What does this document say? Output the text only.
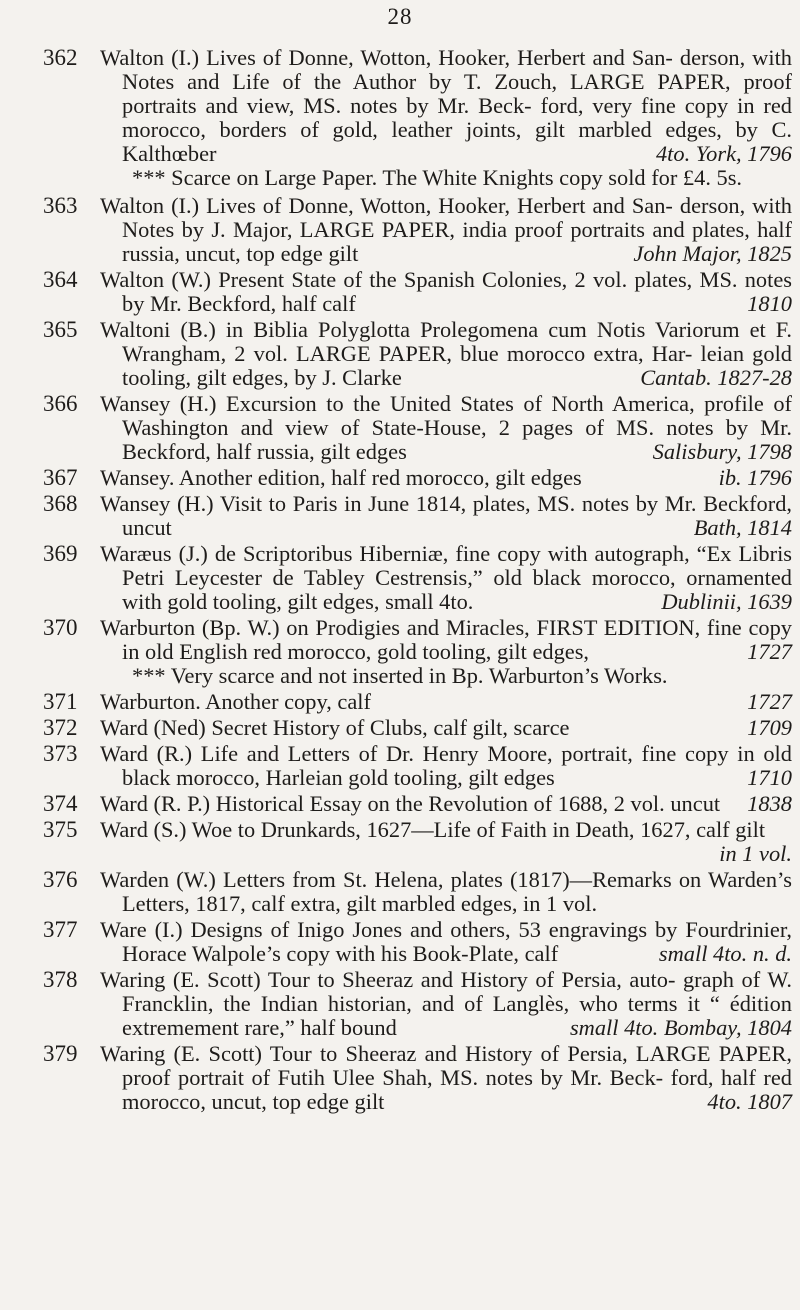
28
362 Walton (I.) Lives of Donne, Wotton, Hooker, Herbert and San- derson, with Notes and Life of the Author by T. Zouch, LARGE PAPER, proof portraits and view, MS. notes by Mr. Beck- ford, very fine copy in red morocco, borders of gold, leather joints, gilt marbled edges, by C. Kalthœber	4to. York, 1796
*** Scarce on Large Paper. The White Knights copy sold for £4. 5s.
363 Walton (I.) Lives of Donne, Wotton, Hooker, Herbert and San- derson, with Notes by J. Major, LARGE PAPER, india proof portraits and plates, half russia, uncut, top edge gilt	John Major, 1825
364 Walton (W.) Present State of the Spanish Colonies, 2 vol. plates, MS. notes by Mr. Beckford, half calf	1810
365 Waltoni (B.) in Biblia Polyglotta Prolegomena cum Notis Variorum et F. Wrangham, 2 vol. LARGE PAPER, blue morocco extra, Har- leian gold tooling, gilt edges, by J. Clarke	Cantab. 1827-28
366 Wansey (H.) Excursion to the United States of North America, profile of Washington and view of State-House, 2 pages of MS. notes by Mr. Beckford, half russia, gilt edges	Salisbury, 1798
367 Wansey. Another edition, half red morocco, gilt edges	ib. 1796
368 Wansey (H.) Visit to Paris in June 1814, plates, MS. notes by Mr. Beckford, uncut	Bath, 1814
369 Waræus (J.) de Scriptoribus Hiberniæ, fine copy with autograph, “Ex Libris Petri Leycester de Tabley Cestrensis,” old black morocco, ornamented with gold tooling, gilt edges, small 4to.	Dublinii, 1639
370 Warburton (Bp. W.) on Prodigies and Miracles, FIRST EDITION, fine copy in old English red morocco, gold tooling, gilt edges,	1727
*** Very scarce and not inserted in Bp. Warburton’s Works.
371 Warburton. Another copy, calf	1727
372 Ward (Ned) Secret History of Clubs, calf gilt, scarce	1709
373 Ward (R.) Life and Letters of Dr. Henry Moore, portrait, fine copy in old black morocco, Harleian gold tooling, gilt edges	1710
374 Ward (R. P.) Historical Essay on the Revolution of 1688, 2 vol. uncut 1838
375 Ward (S.) Woe to Drunkards, 1627—Life of Faith in Death, 1627, calf gilt
in 1 vol.
376 Warden (W.) Letters from St. Helena, plates (1817)—Remarks on Warden’s Letters, 1817, calf extra, gilt marbled edges, in 1 vol.
377 Ware (I.) Designs of Inigo Jones and others, 53 engravings by Fourdrinier, Horace Walpole’s copy with his Book-Plate, calf	small 4to. n. d.
378 Waring (E. Scott) Tour to Sheeraz and History of Persia, auto- graph of W. Francklin, the Indian historian, and of Langlès, who terms it “ édition extremement rare,” half bound	small 4to. Bombay, 1804
379 Waring (E. Scott) Tour to Sheeraz and History of Persia, LARGE PAPER, proof portrait of Futih Ulee Shah, MS. notes by Mr. Beck- ford, half red morocco, uncut, top edge gilt	4to. 1807
